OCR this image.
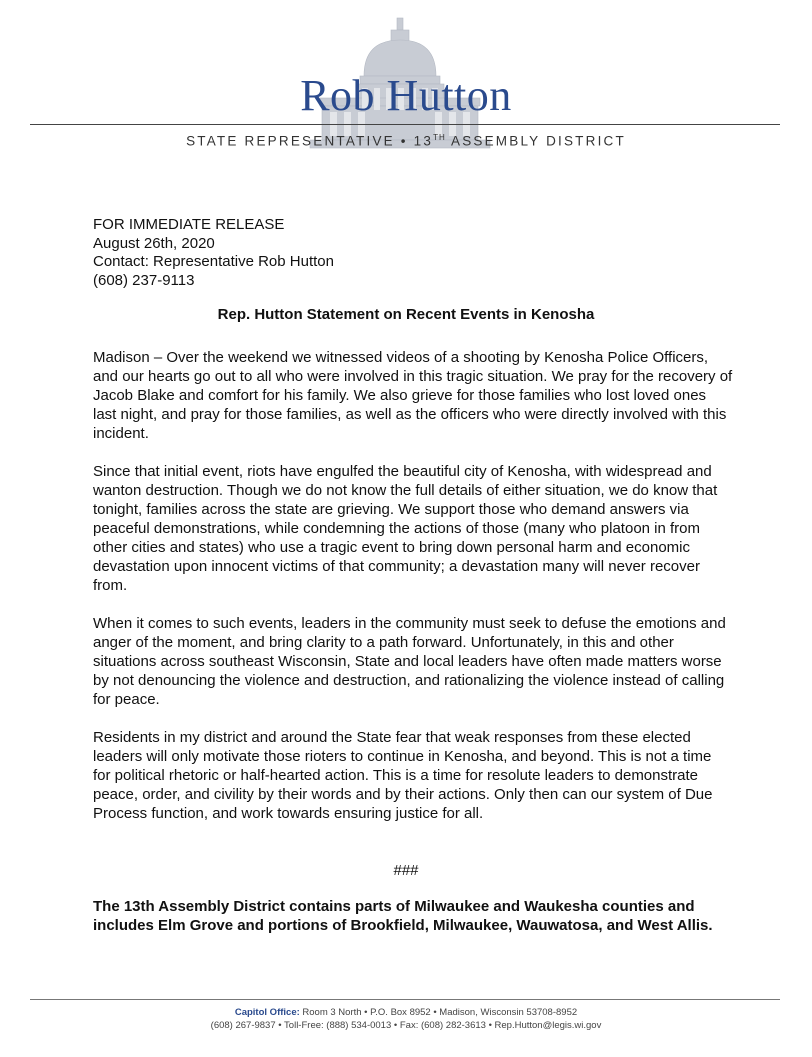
Rob Hutton
STATE REPRESENTATIVE • 13TH ASSEMBLY DISTRICT
FOR IMMEDIATE RELEASE
August 26th, 2020
Contact: Representative Rob Hutton
(608) 237-9113
Rep. Hutton Statement on Recent Events in Kenosha

Madison – Over the weekend we witnessed videos of a shooting by Kenosha Police Officers, and our hearts go out to all who were involved in this tragic situation. We pray for the recovery of Jacob Blake and comfort for his family. We also grieve for those families who lost loved ones last night, and pray for those families, as well as the officers who were directly involved with this incident.

Since that initial event, riots have engulfed the beautiful city of Kenosha, with widespread and wanton destruction. Though we do not know the full details of either situation, we do know that tonight, families across the state are grieving. We support those who demand answers via peaceful demonstrations, while condemning the actions of those (many who platoon in from other cities and states) who use a tragic event to bring down personal harm and economic devastation upon innocent victims of that community; a devastation many will never recover from.

When it comes to such events, leaders in the community must seek to defuse the emotions and anger of the moment, and bring clarity to a path forward. Unfortunately, in this and other situations across southeast Wisconsin, State and local leaders have often made matters worse by not denouncing the violence and destruction, and rationalizing the violence instead of calling for peace.

Residents in my district and around the State fear that weak responses from these elected leaders will only motivate those rioters to continue in Kenosha, and beyond. This is not a time for political rhetoric or half-hearted action. This is a time for resolute leaders to demonstrate peace, order, and civility by their words and by their actions. Only then can our system of Due Process function, and work towards ensuring justice for all.

###
The 13th Assembly District contains parts of Milwaukee and Waukesha counties and includes Elm Grove and portions of Brookfield, Milwaukee, Wauwatosa, and West Allis.
Capitol Office: Room 3 North • P.O. Box 8952 • Madison, Wisconsin 53708-8952
(608) 267-9837 • Toll-Free: (888) 534-0013 • Fax: (608) 282-3613 • Rep.Hutton@legis.wi.gov
